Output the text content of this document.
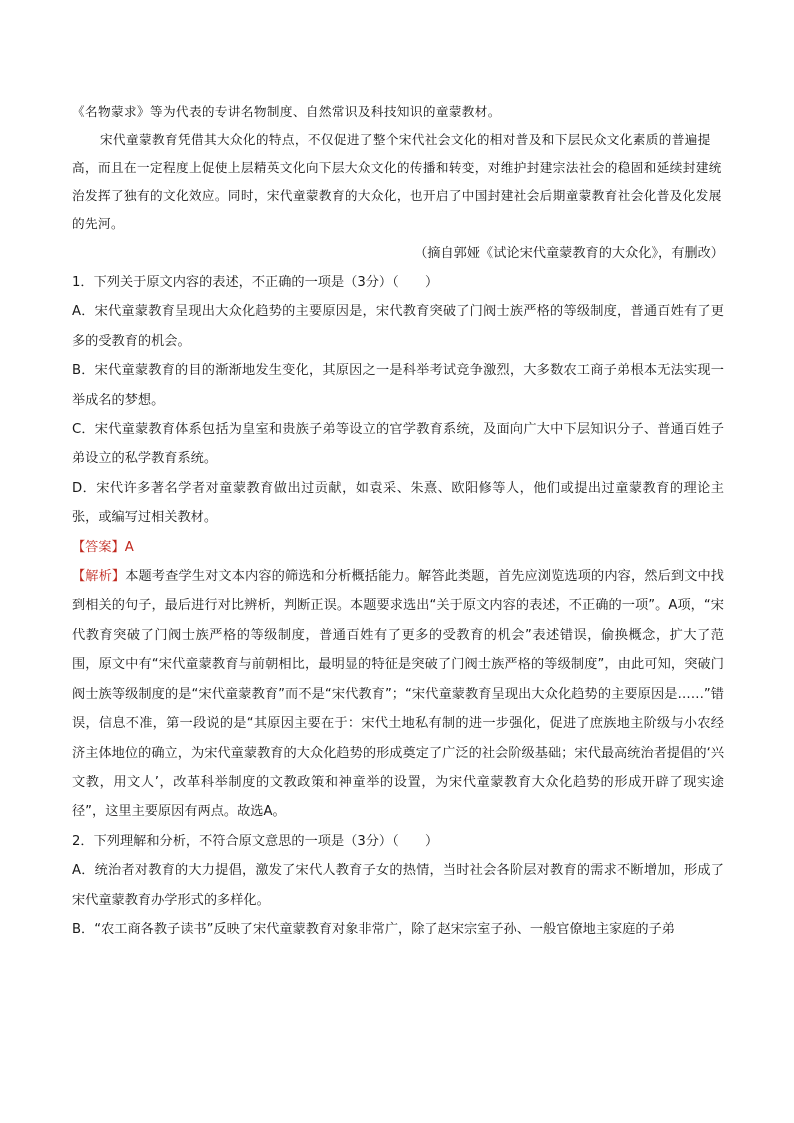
《名物蒙求》等为代表的专讲名物制度、自然常识及科技知识的童蒙教材。

宋代童蒙教育凭借其大众化的特点，不仅促进了整个宋代社会文化的相对普及和下层民众文化素质的普遍提高，而且在一定程度上促使上层精英文化向下层大众文化的传播和转变，对维护封建宗法社会的稳固和延续封建统治发挥了独有的文化效应。同时，宋代童蒙教育的大众化，也开启了中国封建社会后期童蒙教育社会化普及化发展的先河。

（摘自郭娅《试论宋代童蒙教育的大众化》，有删改）

1．下列关于原文内容的表述，不正确的一项是（3分）（　　）

A．宋代童蒙教育呈现出大众化趋势的主要原因是，宋代教育突破了门阀士族严格的等级制度，普通百姓有了更多的受教育的机会。

B．宋代童蒙教育的目的渐渐地发生变化，其原因之一是科举考试竞争激烈，大多数农工商子弟根本无法实现一举成名的梦想。

C．宋代童蒙教育体系包括为皇室和贵族子弟等设立的官学教育系统，及面向广大中下层知识分子、普通百姓子弟设立的私学教育系统。

D．宋代许多著名学者对童蒙教育做出过贡献，如袁采、朱熹、欧阳修等人，他们或提出过童蒙教育的理论主张，或编写过相关教材。

【答案】A

【解析】本题考查学生对文本内容的筛选和分析概括能力。解答此类题，首先应浏览选项的内容，然后到文中找到相关的句子，最后进行对比辨析，判断正误。本题要求选出“关于原文内容的表述，不正确的一项”。A项，“宋代教育突破了门阀士族严格的等级制度，普通百姓有了更多的受教育的机会”表述错误，偷换概念，扩大了范围，原文中有“宋代童蒙教育与前朝相比，最明显的特征是突破了门阀士族严格的等级制度”，由此可知，突破门阀士族等级制度的是“宋代童蒙教育”而不是“宋代教育”；“宋代童蒙教育呈现出大众化趋势的主要原因是……”错误，信息不准，第一段说的是“其原因主要在于：宋代土地私有制的进一步强化，促进了庶族地主阶级与小农经济主体地位的确立，为宋代童蒙教育的大众化趋势的形成奠定了广泛的社会阶级基础；宋代最高统治者提倡的‘兴文教，用文人’，改革科举制度的文教政策和神童举的设置，为宋代童蒙教育大众化趋势的形成开辟了现实途径”，这里主要原因有两点。故选A。

2．下列理解和分析，不符合原文意思的一项是（3分）（　　）

A．统治者对教育的大力提倡，激发了宋代人教育子女的热情，当时社会各阶层对教育的需求不断增加，形成了宋代童蒙教育办学形式的多样化。

B．“农工商各教子读书”反映了宋代童蒙教育对象非常广，除了赵宋宗室子孙、一般官僚地主家庭的子弟
